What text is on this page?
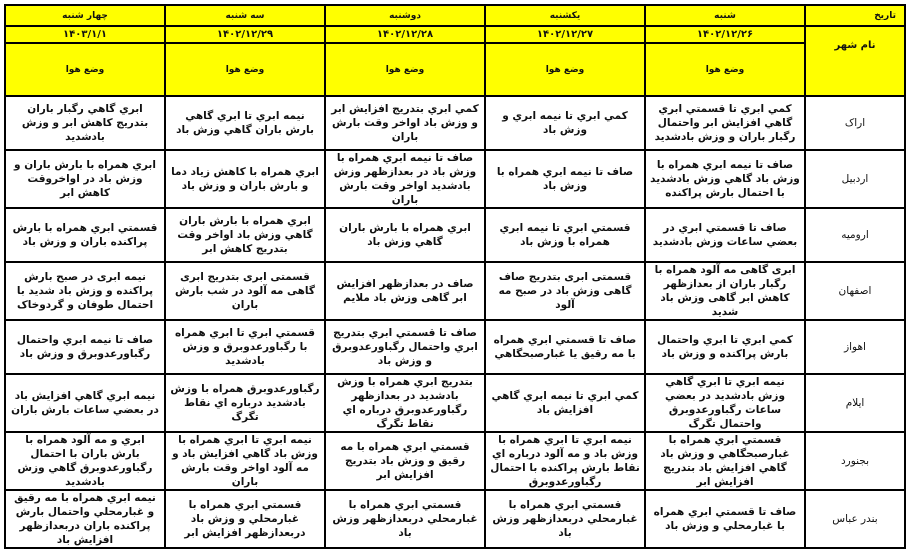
تاریخ	شنبه	یکشنبه	دوشنبه	سه شنبه	چهار شنبه
نام شهر	۱۴۰۲/۱۲/۲۶	۱۴۰۲/۱۲/۲۷	۱۴۰۲/۱۲/۲۸	۱۴۰۲/۱۲/۲۹	۱۴۰۳/۱/۱
	وضع هوا	وضع هوا	وضع هوا	وضع هوا	وضع هوا
اراک	کمي ابري تا قسمتي ابري گاهي افزايش ابر واحتمال رگبار باران و وزش بادشديد	کمي ابري تا نيمه ابري و وزش باد	كمي ابري بتدريج افزايش ابر و وزش باد اواخر وقت بارش باران	نيمه ابري تا ابري گاهي بارش باران گاهي وزش باد	ابري گاهي رگبار باران بتدريج کاهش ابر و وزش بادشديد
اردبیل	صاف تا نيمه ابري همراه با وزش باد گاهي وزش بادشديد با احتمال بارش پراکنده	صاف تا نيمه ابري همراه با وزش باد	صاف تا نيمه ابري همراه با وزش باد در بعدازظهر وزش بادشديد اواخر وقت بارش باران	ابري همراه با كاهش زياد دما و بارش باران و وزش باد	ابري همراه با بارش باران و وزش باد در اواخروقت کاهش ابر
ارومیه	صاف تا قسمتي ابري در بعضي ساعات وزش بادشديد	قسمتي ابري تا نيمه ابري همراه با وزش باد	ابري همراه با بارش باران گاهي وزش باد	ابري همراه با بارش باران گاهي وزش باد اواخر وقت بتدريج كاهش ابر	قسمتي ابري همراه با بارش پراکنده باران و وزش باد
اصفهان	ابری گاهی مه آلود همراه با رگبار باران از بعدازظهر کاهش ابر گاهی وزش باد شدید	قسمتی ابری بتدریج صاف گاهی وزش باد در صبح مه آلود	صاف در بعدازظهر افزایش ابر گاهی وزش باد ملایم	قسمتی ابری بتدریج ابری گاهی مه آلود در شب بارش باران	نیمه ابری در صبح بارش پراکنده و وزش باد شدید با احتمال طوفان و گردوخاک
اهواز	کمي ابري تا ابري واحتمال بارش پراکنده و وزش باد	صاف تا قسمتي ابري همراه با مه رقيق يا غبارصبحگاهي	صاف تا قسمتي ابري بتدريج ابري واحتمال رگباورعدوبرق و وزش باد	قسمتي ابري تا ابري همراه با رگباورعدوبرق و وزش بادشديد	صاف تا نيمه ابري واحتمال رگباورعدوبرق و وزش باد
ایلام	نيمه ابري تا ابري گاهي وزش بادشديد در بعضي ساعات رگباورعدوبرق واحتمال تگرگ	کمي ابري تا نيمه ابري گاهي افزايش باد	بتدريج ابري همراه با وزش بادشديد در بعدازظهر رگباورعدوبرق درباره اي نقاط تگرگ	رگباورعدوبرق همراه با وزش بادشديد درباره اي نقاط تگرگ	نيمه ابري گاهي افزايش باد در بعضي ساعات بارش باران
بجنورد	قسمتي ابري همراه با غبارصبحگاهي و وزش باد گاهي افزايش باد بتدريج افزايش ابر	نيمه ابري تا ابري همراه با وزش باد و مه آلود درباره اي نقاط بارش پراكنده با احتمال رگباورعدوبرق	قسمتي ابري همراه با مه رقيق و وزش باد بتدريج افزايش ابر	نيمه ابري تا ابري همراه با وزش باد گاهي افزايش باد و مه آلود اواخر وقت بارش باران	ابري و مه آلود همراه با بارش باران با احتمال رگباورعدوبرق گاهي وزش بادشديد
بندر عباس	صاف تا قسمتي ابري همراه با غبارمحلي و وزش باد	قسمتي ابري همراه با غبارمحلي دربعدازظهر وزش باد	قسمتي ابري همراه با غبارمحلي دربعدازظهر وزش باد	قسمتي ابري همراه با غبارمحلي و وزش باد دربعدازظهر افزايش ابر	نيمه ابري همراه با مه رقيق و غبارمحلي واحتمال بارش پراکنده باران دربعدازظهر افزايش باد
